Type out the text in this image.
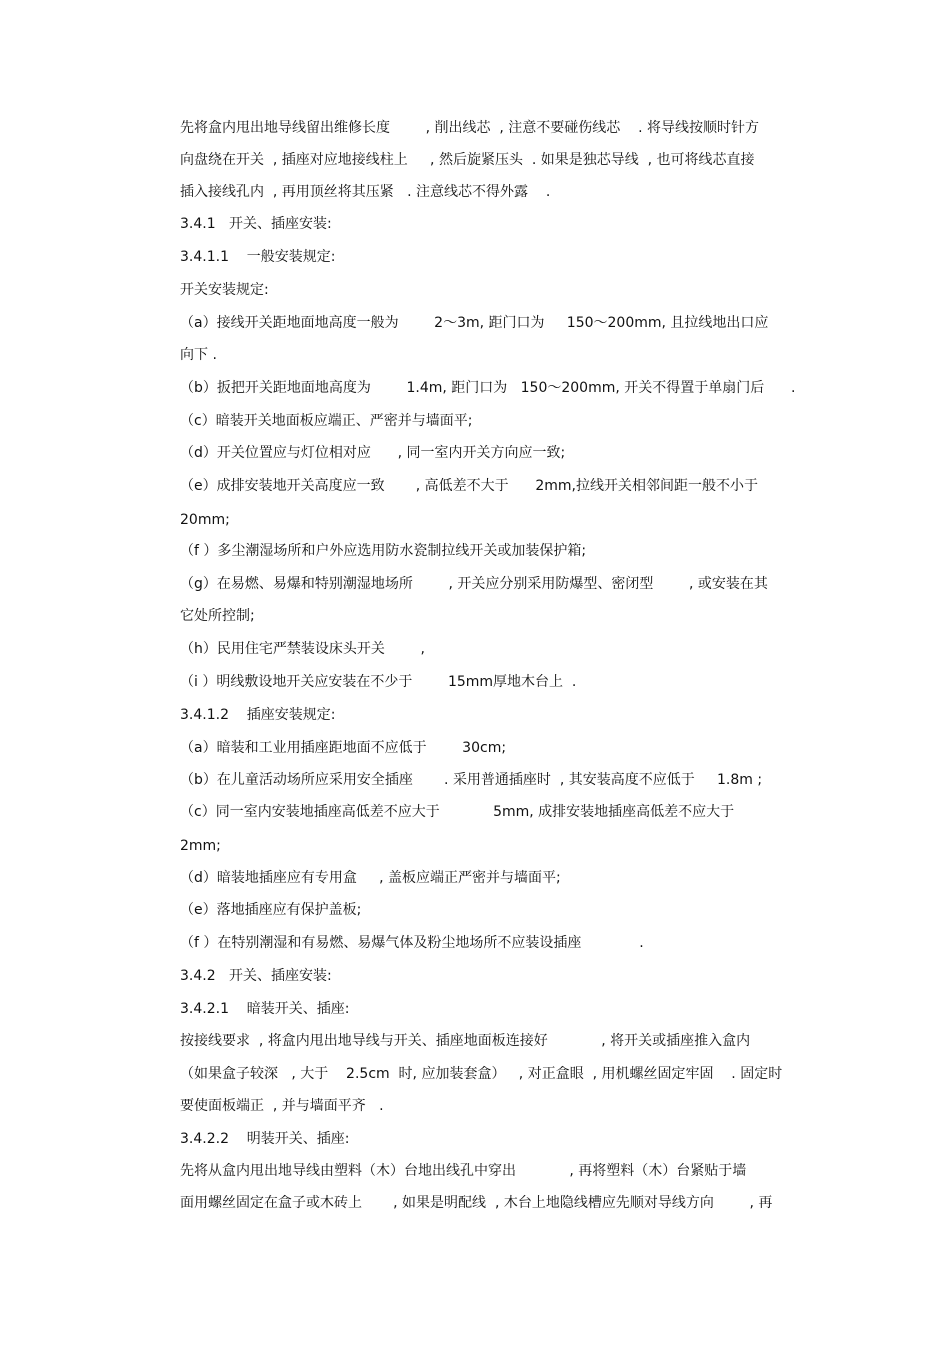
先将盒内甩出地导线留出维修长度        , 削出线芯  , 注意不要碰伤线芯    . 将导线按顺时针方
向盘绕在开关  , 插座对应地接线柱上     , 然后旋紧压头  . 如果是独芯导线  , 也可将线芯直接
插入接线孔内  , 再用顶丝将其压紧   . 注意线芯不得外露    .
3.4.1   开关、插座安装:
3.4.1.1    一般安装规定:
开关安装规定:
（a）接线开关距地面地高度一般为        2～3m, 距门口为     150～200mm, 且拉线地出口应
向下 .
（b）扳把开关距地面地高度为        1.4m, 距门口为   150～200mm, 开关不得置于单扇门后      .
（c）暗装开关地面板应端正、严密并与墙面平;
（d）开关位置应与灯位相对应      , 同一室内开关方向应一致;
（e）成排安装地开关高度应一致       , 高低差不大于      2mm,拉线开关相邻间距一般不小于
20mm;
（f ）多尘潮湿场所和户外应选用防水瓷制拉线开关或加装保护箱;
（g）在易燃、易爆和特别潮湿地场所        , 开关应分别采用防爆型、密闭型        , 或安装在其
它处所控制;
（h）民用住宅严禁装设床头开关        ,
（i ）明线敷设地开关应安装在不少于        15mm厚地木台上  .
3.4.1.2    插座安装规定:
（a）暗装和工业用插座距地面不应低于        30cm;
（b）在儿童活动场所应采用安全插座       . 采用普通插座时  , 其安装高度不应低于     1.8m ;
（c）同一室内安装地插座高低差不应大于            5mm, 成排安装地插座高低差不应大于
2mm;
（d）暗装地插座应有专用盒     , 盖板应端正严密并与墙面平;
（e）落地插座应有保护盖板;
（f ）在特别潮湿和有易燃、易爆气体及粉尘地场所不应装设插座             .
3.4.2   开关、插座安装:
3.4.2.1    暗装开关、插座:
按接线要求  , 将盒内甩出地导线与开关、插座地面板连接好            , 将开关或插座推入盒内
（如果盒子较深   , 大于    2.5cm  时, 应加装套盒）   , 对正盒眼  , 用机螺丝固定牢固    . 固定时
要使面板端正  , 并与墙面平齐   .
3.4.2.2    明装开关、插座:
先将从盒内甩出地导线由塑料（木）台地出线孔中穿出            , 再将塑料（木）台紧贴于墙
面用螺丝固定在盒子或木砖上       , 如果是明配线  , 木台上地隐线槽应先顺对导线方向        , 再
